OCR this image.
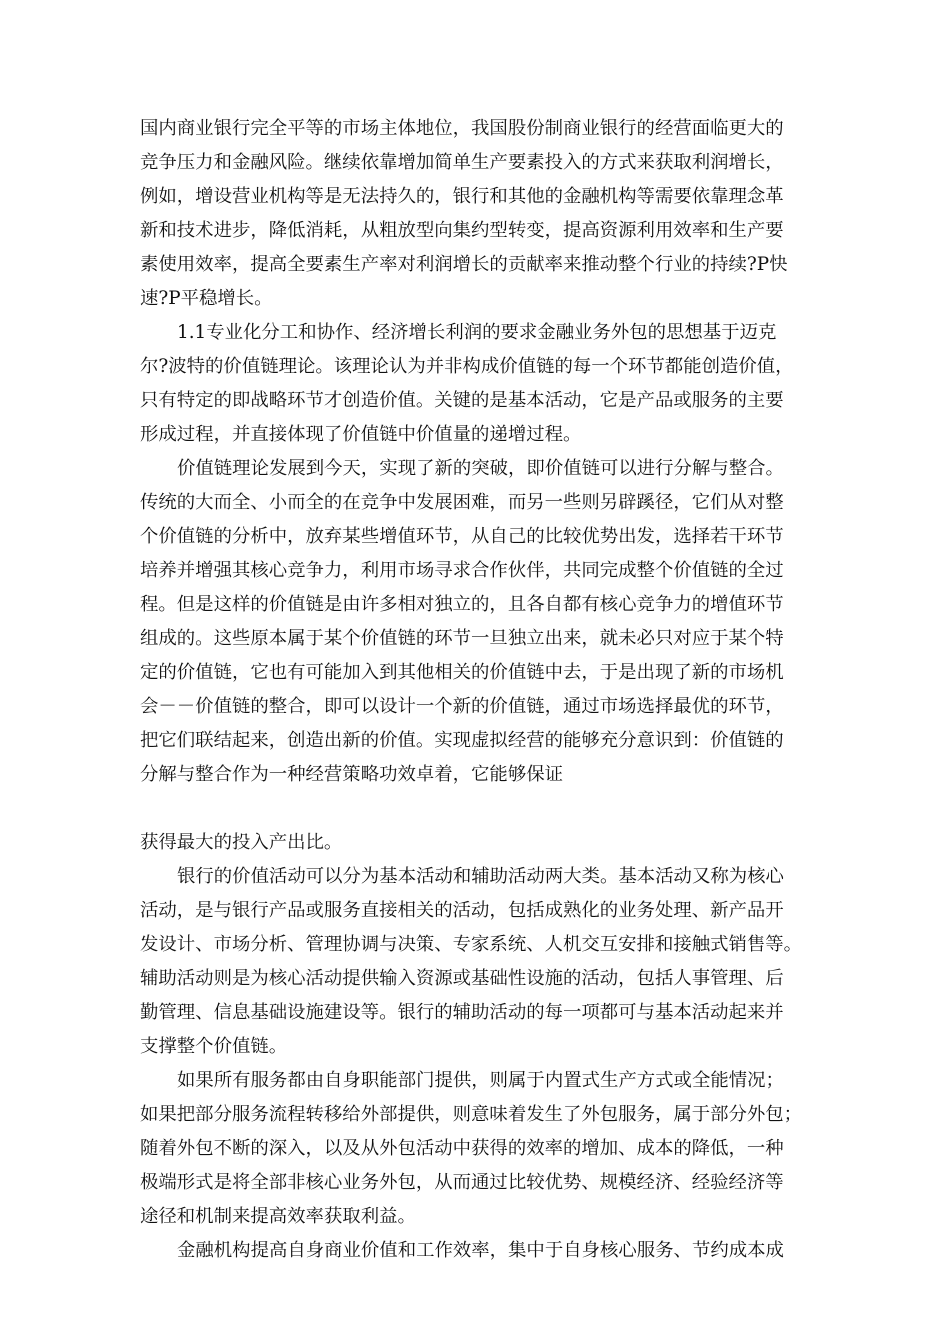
国内商业银行完全平等的市场主体地位，我国股份制商业银行的经营面临更大的
竞争压力和金融风险。继续依靠增加简单生产要素投入的方式来获取利润增长，
例如，增设营业机构等是无法持久的，银行和其他的金融机构等需要依靠理念革
新和技术进步，降低消耗，从粗放型向集约型转变，提高资源利用效率和生产要
素使用效率，提高全要素生产率对利润增长的贡献率来推动整个行业的持续?P快
速?P平稳增长。
1.1专业化分工和协作、经济增长利润的要求金融业务外包的思想基于迈克
尔?波特的价值链理论。该理论认为并非构成价值链的每一个环节都能创造价值，
只有特定的即战略环节才创造价值。关键的是基本活动，它是产品或服务的主要
形成过程，并直接体现了价值链中价值量的递增过程。
价值链理论发展到今天，实现了新的突破，即价值链可以进行分解与整合。
传统的大而全、小而全的在竞争中发展困难，而另一些则另辟蹊径，它们从对整
个价值链的分析中，放弃某些增值环节，从自己的比较优势出发，选择若干环节
培养并增强其核心竞争力，利用市场寻求合作伙伴，共同完成整个价值链的全过
程。但是这样的价值链是由许多相对独立的，且各自都有核心竞争力的增值环节
组成的。这些原本属于某个价值链的环节一旦独立出来，就未必只对应于某个特
定的价值链，它也有可能加入到其他相关的价值链中去，于是出现了新的市场机
会－－价值链的整合，即可以设计一个新的价值链，通过市场选择最优的环节，
把它们联结起来，创造出新的价值。实现虚拟经营的能够充分意识到：价值链的
分解与整合作为一种经营策略功效卓着，它能够保证
获得最大的投入产出比。
银行的价值活动可以分为基本活动和辅助活动两大类。基本活动又称为核心
活动，是与银行产品或服务直接相关的活动，包括成熟化的业务处理、新产品开
发设计、市场分析、管理协调与决策、专家系统、人机交互安排和接触式销售等。
辅助活动则是为核心活动提供输入资源或基础性设施的活动，包括人事管理、后
勤管理、信息基础设施建设等。银行的辅助活动的每一项都可与基本活动起来并
支撑整个价值链。
如果所有服务都由自身职能部门提供，则属于内置式生产方式或全能情况；
如果把部分服务流程转移给外部提供，则意味着发生了外包服务，属于部分外包；
随着外包不断的深入，以及从外包活动中获得的效率的增加、成本的降低，一种
极端形式是将全部非核心业务外包，从而通过比较优势、规模经济、经验经济等
途径和机制来提高效率获取利益。
金融机构提高自身商业价值和工作效率，集中于自身核心服务、节约成本成
